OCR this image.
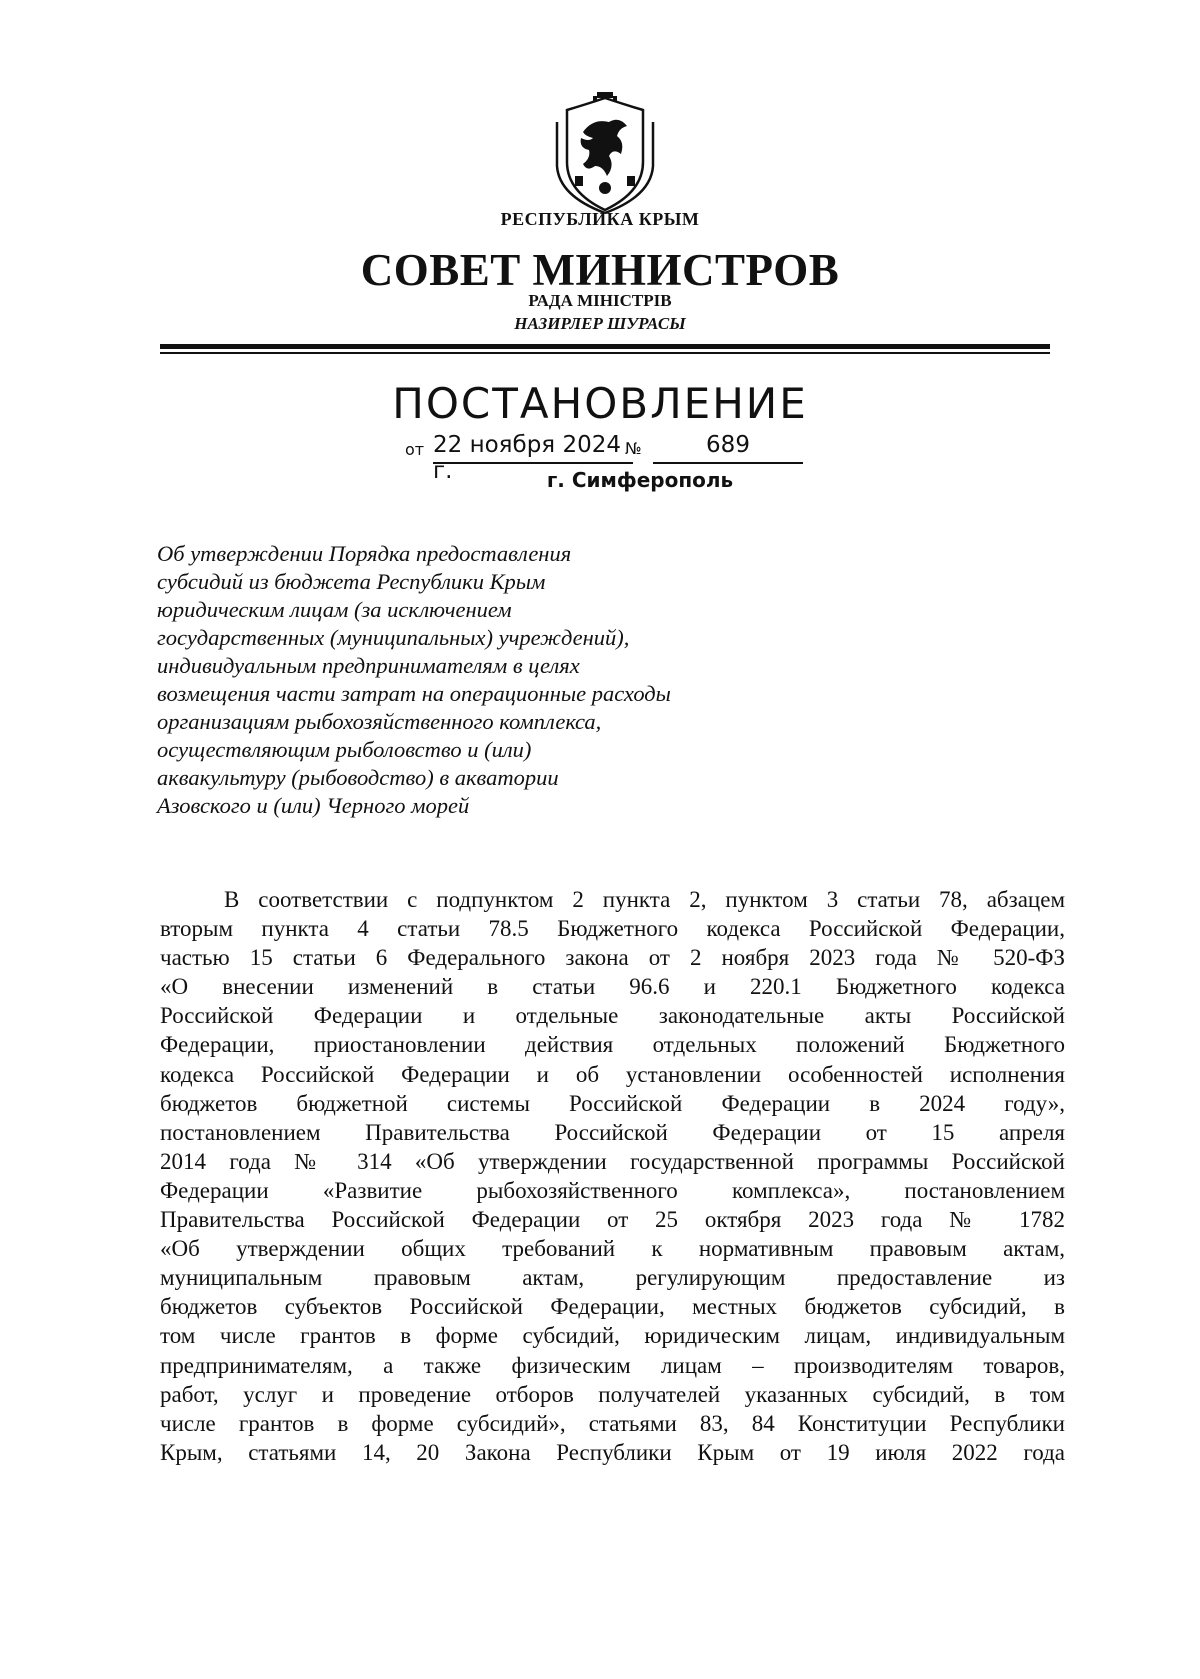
РЕСПУБЛИКА КРЫМ
СОВЕТ МИНИСТРОВ
РАДА МІНІСТРІВ
НАЗИРЛЕР ШУРАСЫ
ПОСТАНОВЛЕНИЕ
от 22 ноября 2024 г.
№	689
г. Симферополь
Об утверждении Порядка предоставления
субсидий из бюджета Республики Крым
юридическим лицам (за исключением
государственных (муниципальных) учреждений),
индивидуальным предпринимателям в целях
возмещения части затрат на операционные расходы
организациям рыбохозяйственного комплекса,
осуществляющим рыболовство и (или)
аквакультуру (рыбоводство) в акватории
Азовского и (или) Черного морей
В соответствии с подпунктом 2 пункта 2, пунктом 3 статьи 78, абзацем
вторым пункта 4 статьи 78.5 Бюджетного кодекса Российской Федерации,
частью 15 статьи 6 Федерального закона от 2 ноября 2023 года № 520-ФЗ
«О внесении изменений в статьи 96.6 и 220.1 Бюджетного кодекса
Российской Федерации и отдельные законодательные акты Российской
Федерации, приостановлении действия отдельных положений Бюджетного
кодекса Российской Федерации и об установлении особенностей исполнения
бюджетов бюджетной системы Российской Федерации в 2024 году»,
постановлением Правительства Российской Федерации от 15 апреля
2014 года № 314 «Об утверждении государственной программы Российской
Федерации «Развитие рыбохозяйственного комплекса», постановлением
Правительства Российской Федерации от 25 октября 2023 года № 1782
«Об утверждении общих требований к нормативным правовым актам,
муниципальным правовым актам, регулирующим предоставление из
бюджетов субъектов Российской Федерации, местных бюджетов субсидий, в
том числе грантов в форме субсидий, юридическим лицам, индивидуальным
предпринимателям, а также физическим лицам – производителям товаров,
работ, услуг и проведение отборов получателей указанных субсидий, в том
числе грантов в форме субсидий», статьями 83, 84 Конституции Республики
Крым, статьями 14, 20 Закона Республики Крым от 19 июля 2022 года
